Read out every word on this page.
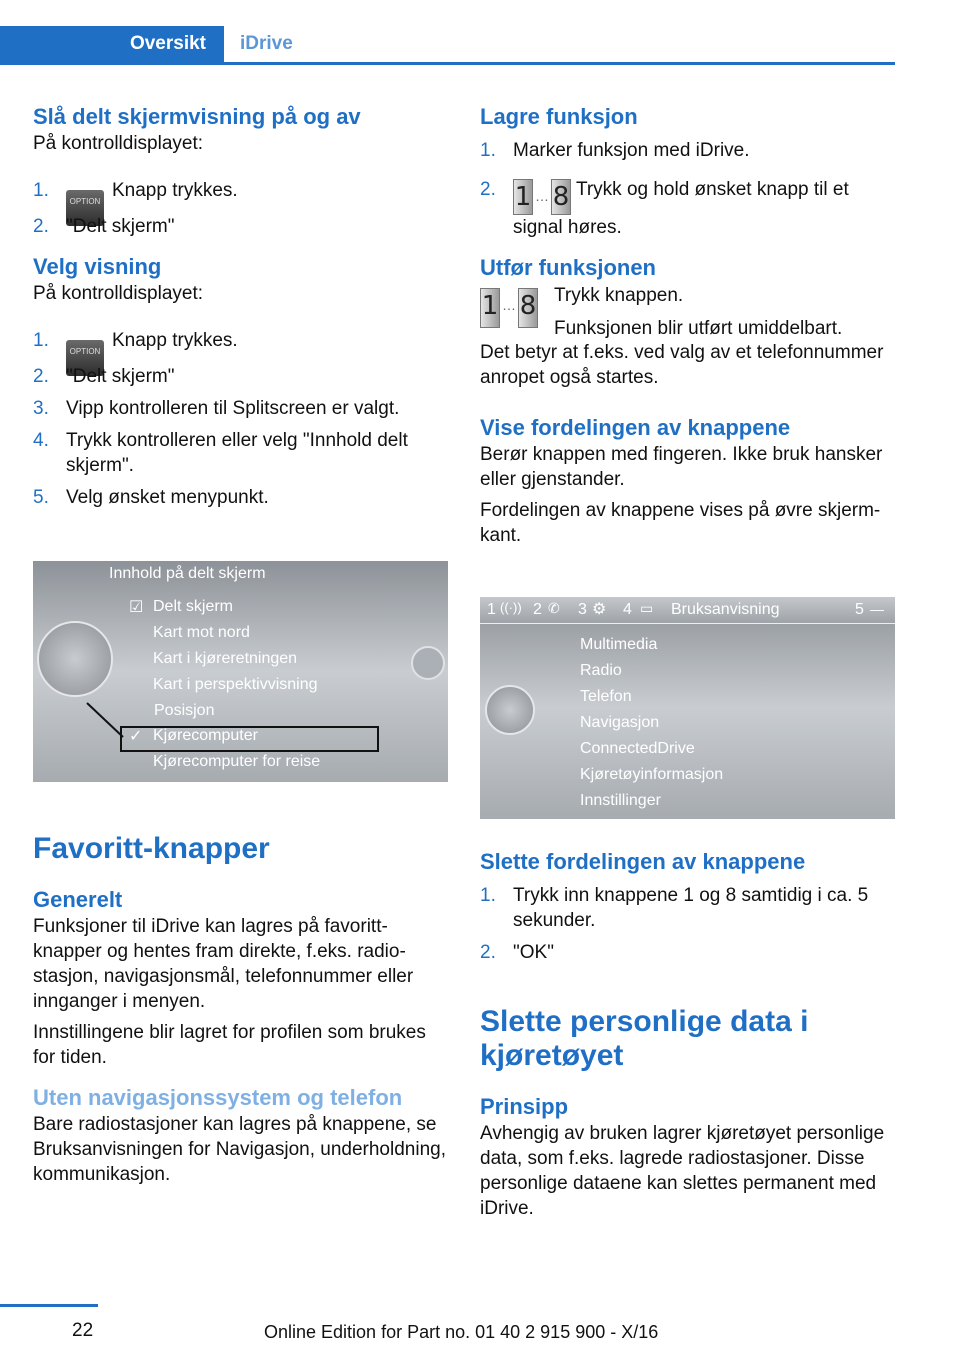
Oversikt	iDrive
Slå delt skjermvisning på og av

På kontrolldisplayet:

1.
OPTIONKnapp trykkes.
2. "Delt skjerm"
Velg visning

På kontrolldisplayet:

1.
OPTIONKnapp trykkes.
2. "Delt skjerm"
3. Vipp kontrolleren til Splitscreen er valgt.
4. Trykk kontrolleren eller velg "Innhold delt skjerm".
5. Velg ønsket menypunkt.
Innhold på delt skjerm
☑ Delt skjerm
Kart mot nord
Kart i kjøreretningen
Kart i perspektivvisning
Posisjon
✓ Kjørecomputer
Kjørecomputer for reise
Favoritt-knapper
Generelt

Funksjoner til iDrive kan lagres på favorittknapper og hentes fram direkte, f.eks. radiostasjon, navigasjonsmål, telefonnummer eller innganger i menyen.

Innstillingene blir lagret for profilen som brukes for tiden.

Uten navigasjonssystem og telefon

Bare radiostasjoner kan lagres på knappene, se Bruksanvisningen for Navigasjon, underholdning, kommunikasjon.

Lagre funksjon
1. Marker funksjon med iDrive.
2. 1 … 8 Trykk og hold ønsket knapp til et signal høres.
Utfør funksjonen
1 … 8 Trykk knappen.

Funksjonen blir utført umiddelbart.

Det betyr at f.eks. ved valg av et telefonnummer anropet også startes.

Vise fordelingen av knappene

Berør knappen med fingeren. Ikke bruk hansker eller gjenstander.

Fordelingen av knappene vises på øvre skjermkant.

1 ((·)) 2 ✆ 3 ⚙ 4 ▭ Bruksanvisning	5 —
Multimedia
Radio
Telefon
Navigasjon
ConnectedDrive
Kjøretøyinformasjon
Innstillinger
Slette fordelingen av knappene
1. Trykk inn knappene 1 og 8 samtidig i ca. 5 sekunder.
2. "OK"
Slette personlige data i kjøretøyet
Prinsipp

Avhengig av bruken lagrer kjøretøyet personlige data, som f.eks. lagrede radiostasjoner. Disse personlige dataene kan slettes permanent med iDrive.

22	Online Edition for Part no. 01 40 2 915 900 - X/16
